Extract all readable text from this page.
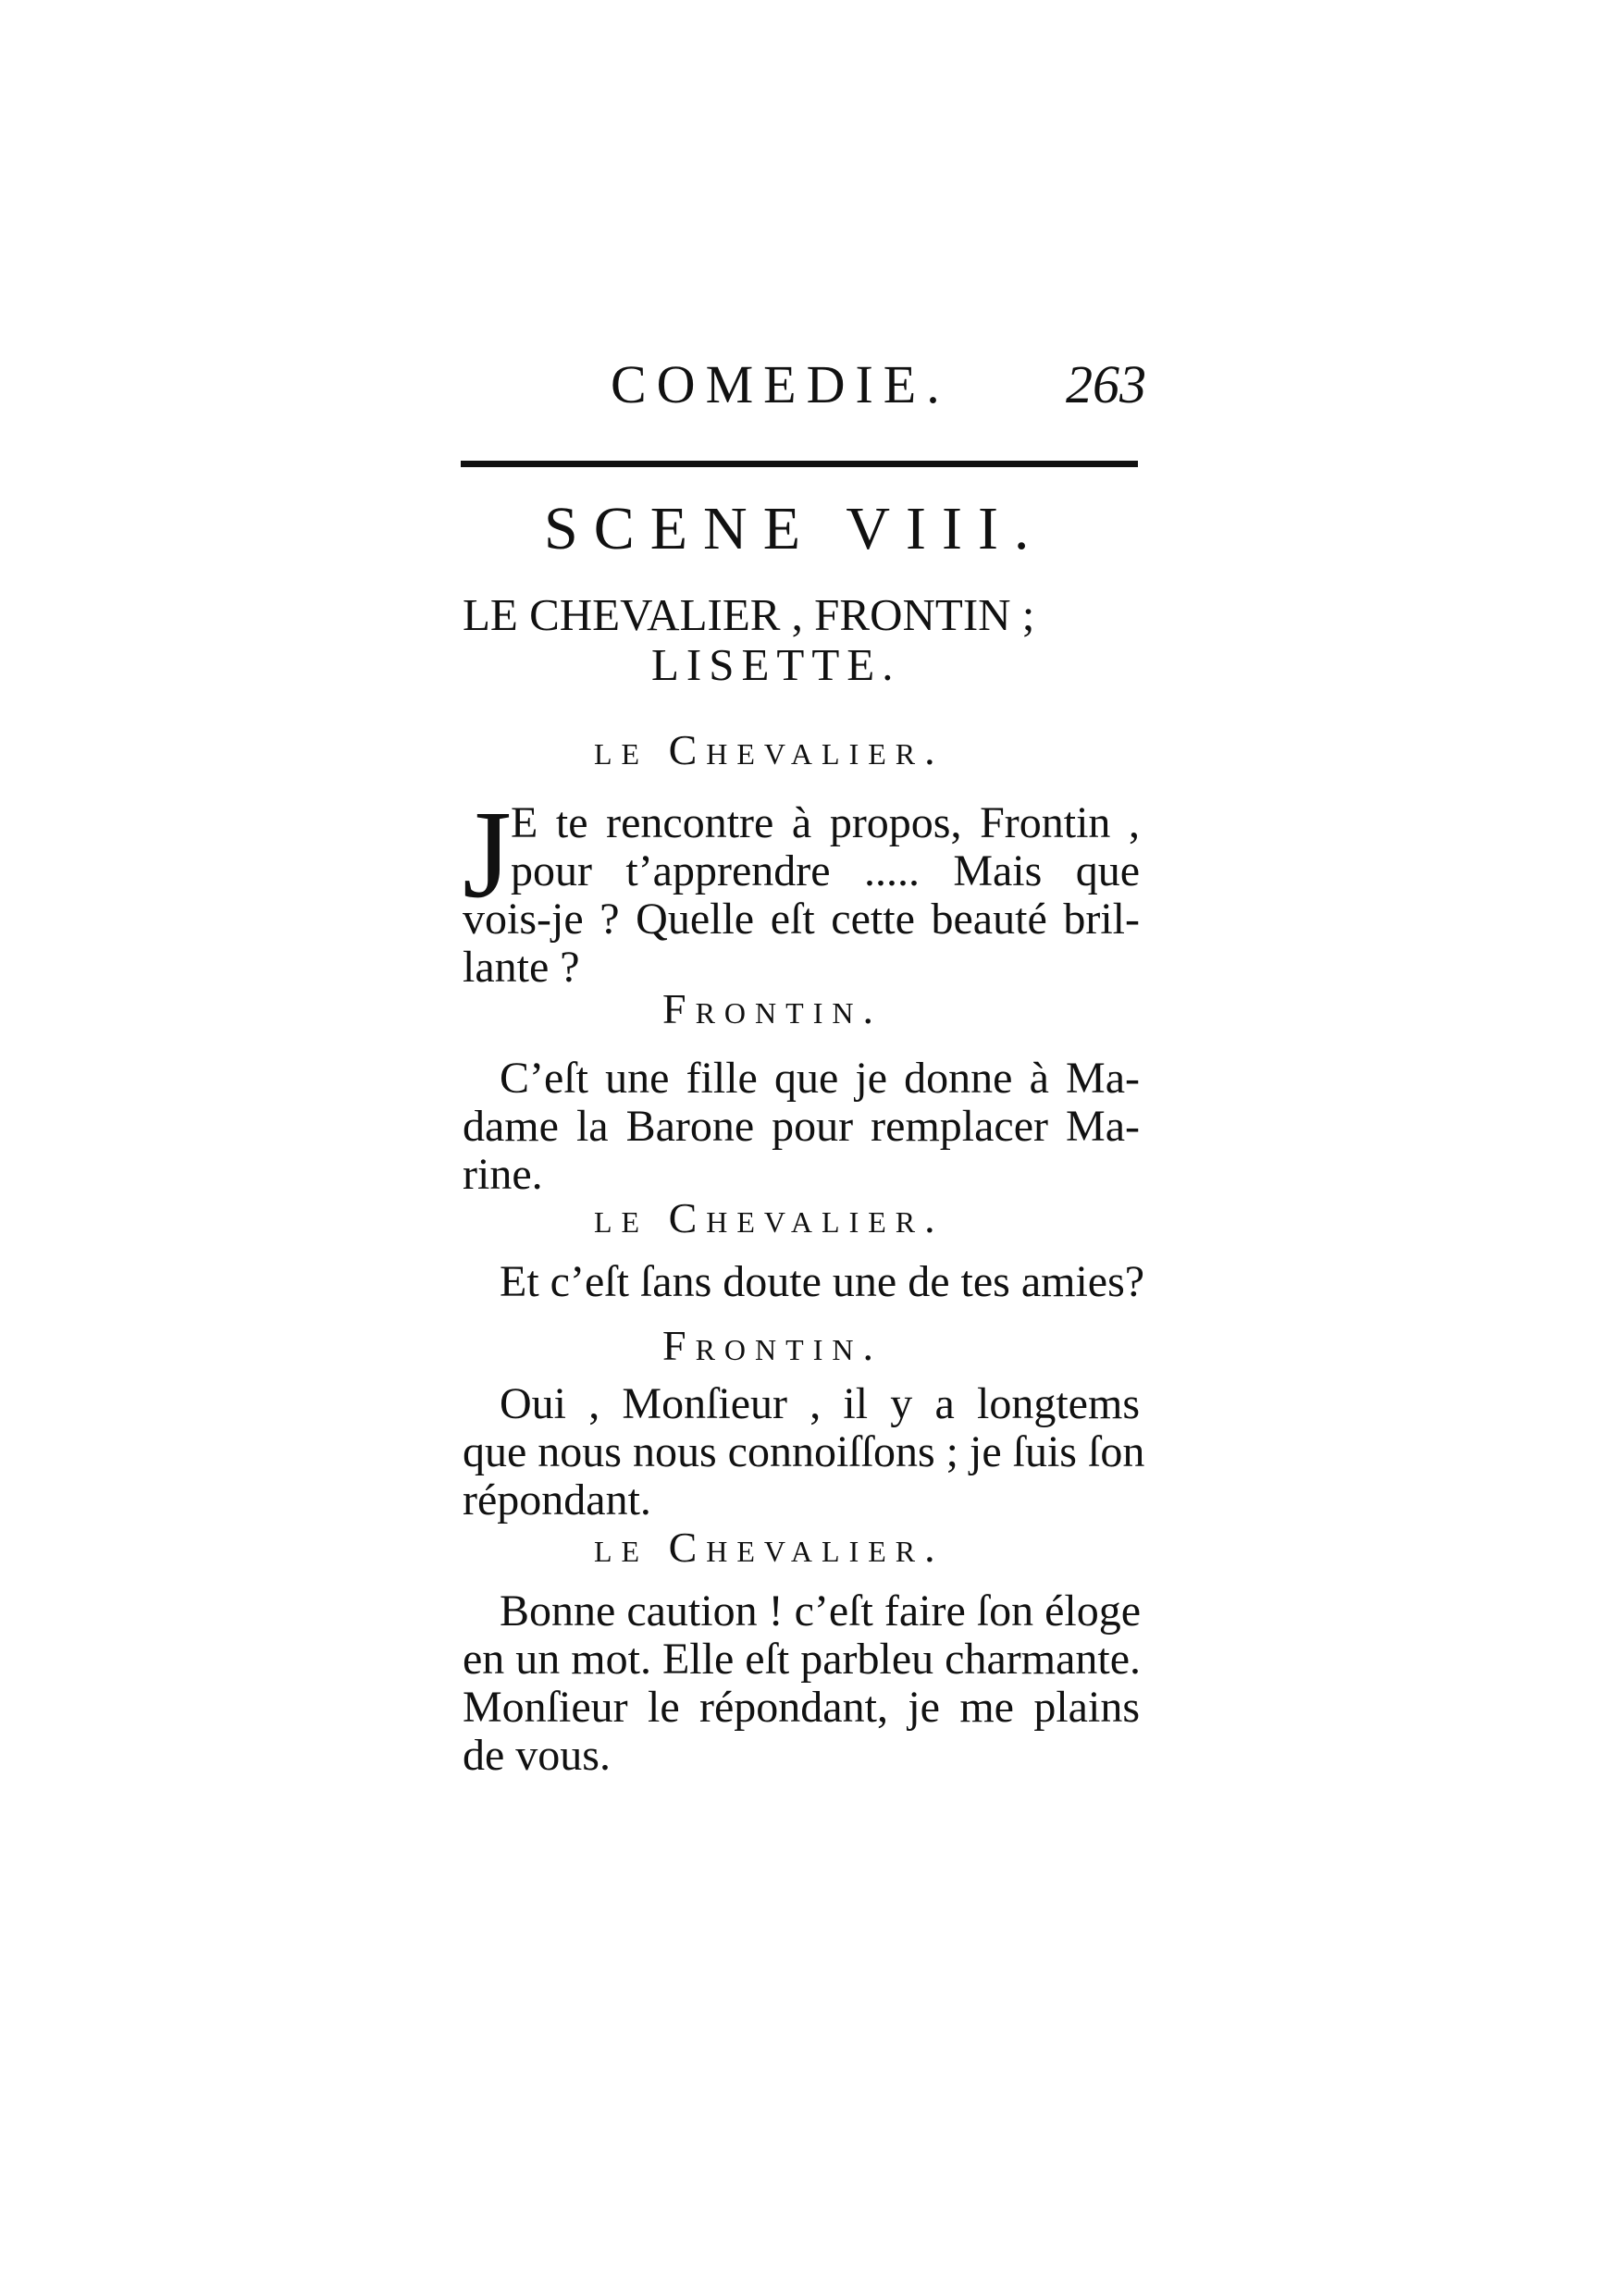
COMEDIE. 263
SCENE VIII.
LE CHEVALIER , FRONTIN ;
LISETTE.
le Chevalier.
J E te rencontre à propos, Frontin ,
pour t’apprendre ..... Mais que
vois-je ? Quelle eſt cette beauté bril-
lante ?
Frontin.
C’eſt une fille que je donne à Ma-
dame la Barone pour remplacer Ma-
rine.
le Chevalier.
Et c’eſt ſans doute une de tes amies?
Frontin.
Oui , Monſieur , il y a longtems
que nous nous connoiſſons ; je ſuis ſon
répondant.
le Chevalier.
Bonne caution ! c’eſt faire ſon éloge
en un mot. Elle eſt parbleu charmante.
Monſieur le répondant, je me plains
de vous.
